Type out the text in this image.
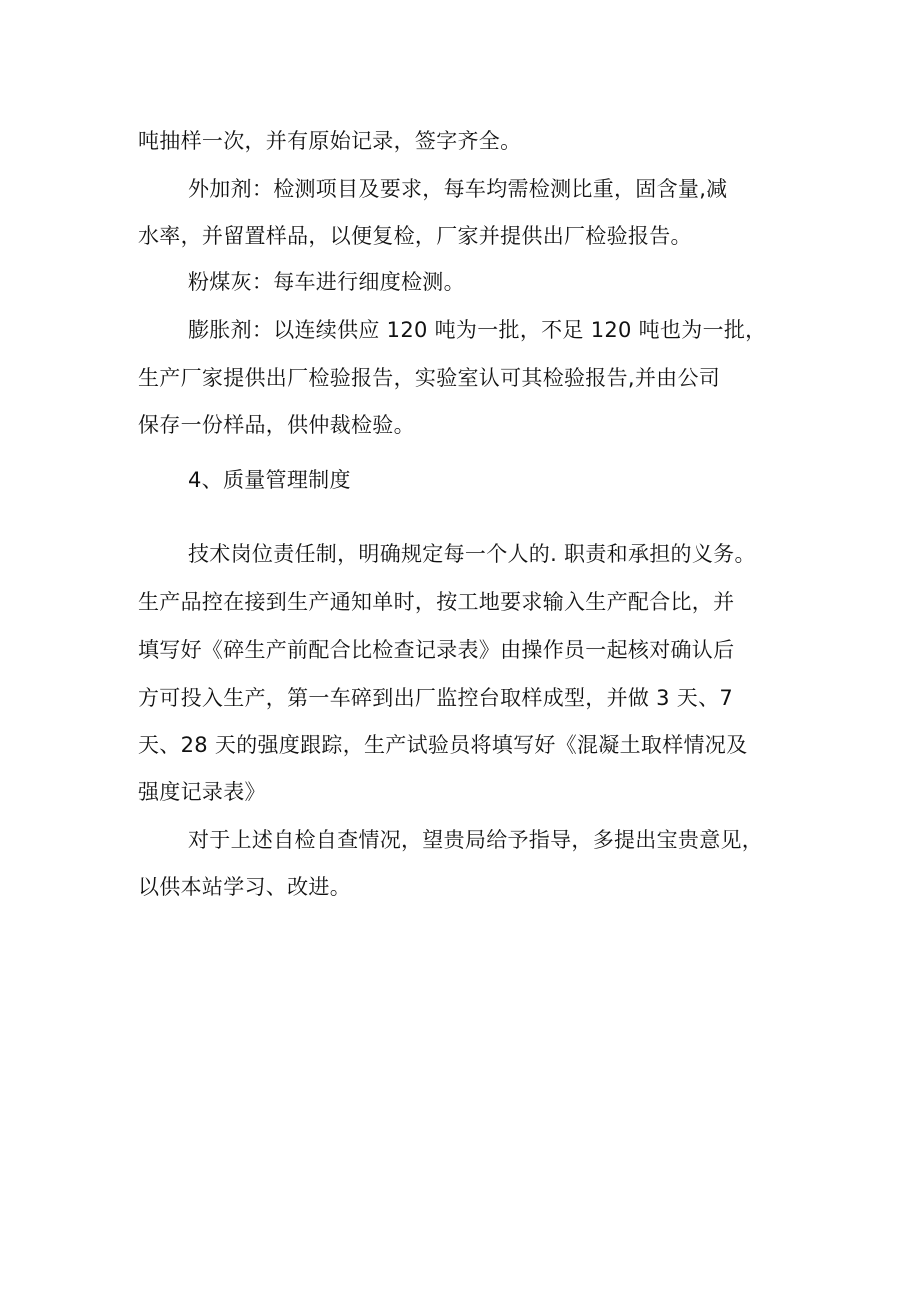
吨抽样一次，并有原始记录，签字齐全。
外加剂：检测项目及要求，每车均需检测比重，固含量,减
水率，并留置样品，以便复检，厂家并提供出厂检验报告。
粉煤灰：每车进行细度检测。
膨胀剂：以连续供应 120 吨为一批，不足 120 吨也为一批，
生产厂家提供出厂检验报告，实验室认可其检验报告,并由公司
保存一份样品，供仲裁检验。
4、质量管理制度
技术岗位责任制，明确规定每一个人的. 职责和承担的义务。
生产品控在接到生产通知单时，按工地要求输入生产配合比，并
填写好《碎生产前配合比检查记录表》由操作员一起核对确认后
方可投入生产，第一车碎到出厂监控台取样成型，并做 3 天、7
天、28 天的强度跟踪，生产试验员将填写好《混凝土取样情况及
强度记录表》
对于上述自检自查情况，望贵局给予指导，多提出宝贵意见，
以供本站学习、改进。
